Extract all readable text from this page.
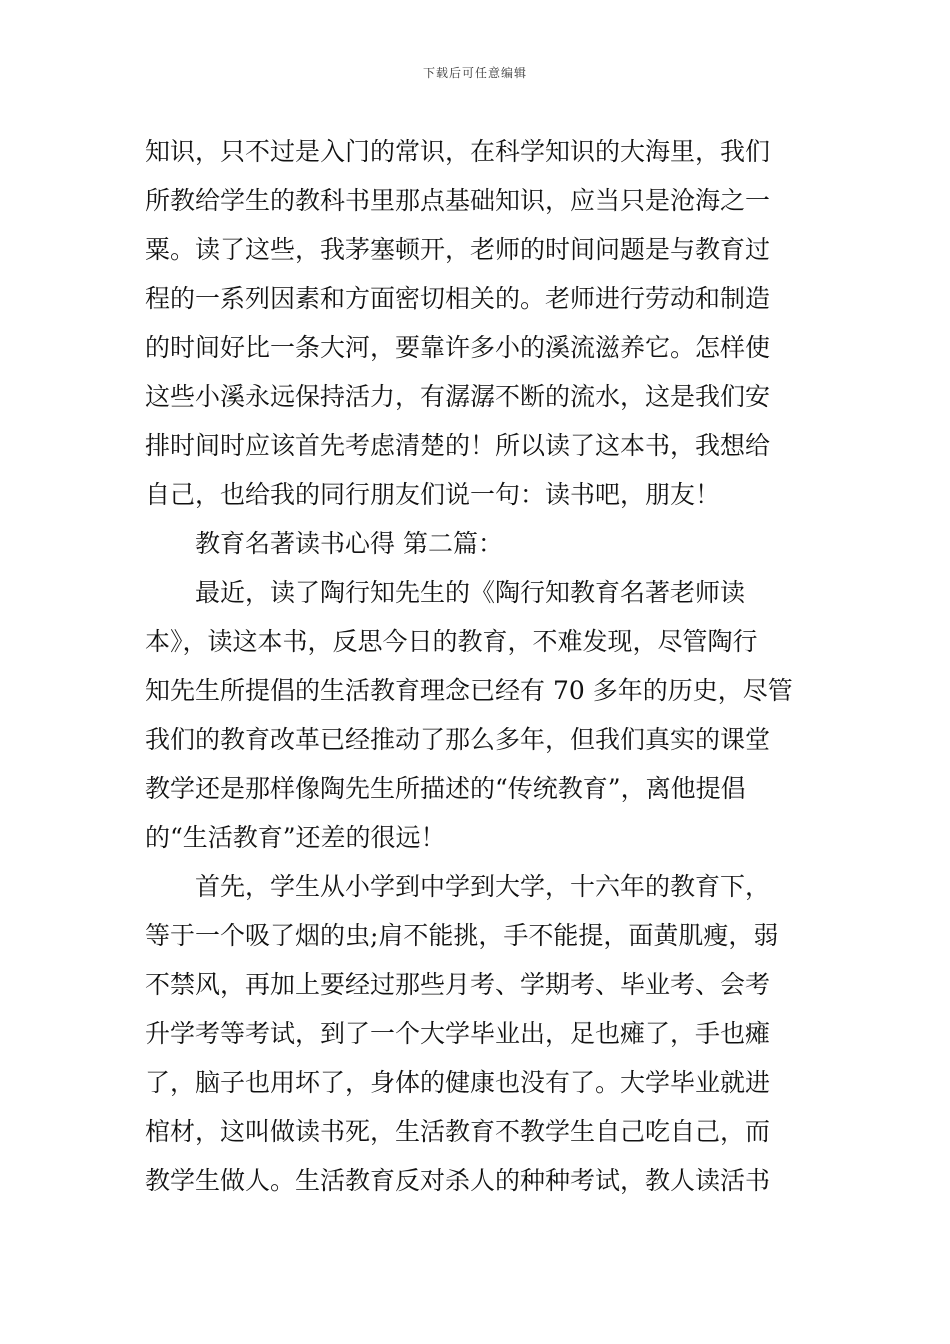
下载后可任意编辑
知识，只不过是入门的常识，在科学知识的大海里，我们
所教给学生的教科书里那点基础知识，应当只是沧海之一
粟。读了这些，我茅塞顿开，老师的时间问题是与教育过
程的一系列因素和方面密切相关的。老师进行劳动和制造
的时间好比一条大河，要靠许多小的溪流滋养它。怎样使
这些小溪永远保持活力，有潺潺不断的流水，这是我们安
排时间时应该首先考虑清楚的！所以读了这本书，我想给
自己，也给我的同行朋友们说一句：读书吧，朋友！
　　教育名著读书心得 第二篇：
　　最近，读了陶行知先生的《陶行知教育名著老师读
本》，读这本书，反思今日的教育，不难发现，尽管陶行
知先生所提倡的生活教育理念已经有 70 多年的历史，尽管
我们的教育改革已经推动了那么多年，但我们真实的课堂
教学还是那样像陶先生所描述的“传统教育”，离他提倡
的“生活教育”还差的很远！
　　首先，学生从小学到中学到大学，十六年的教育下，
等于一个吸了烟的虫;肩不能挑，手不能提，面黄肌瘦，弱
不禁风，再加上要经过那些月考、学期考、毕业考、会考
升学考等考试，到了一个大学毕业出，足也瘫了，手也瘫
了，脑子也用坏了，身体的健康也没有了。大学毕业就进
棺材，这叫做读书死，生活教育不教学生自己吃自己，而
教学生做人。生活教育反对杀人的种种考试，教人读活书
